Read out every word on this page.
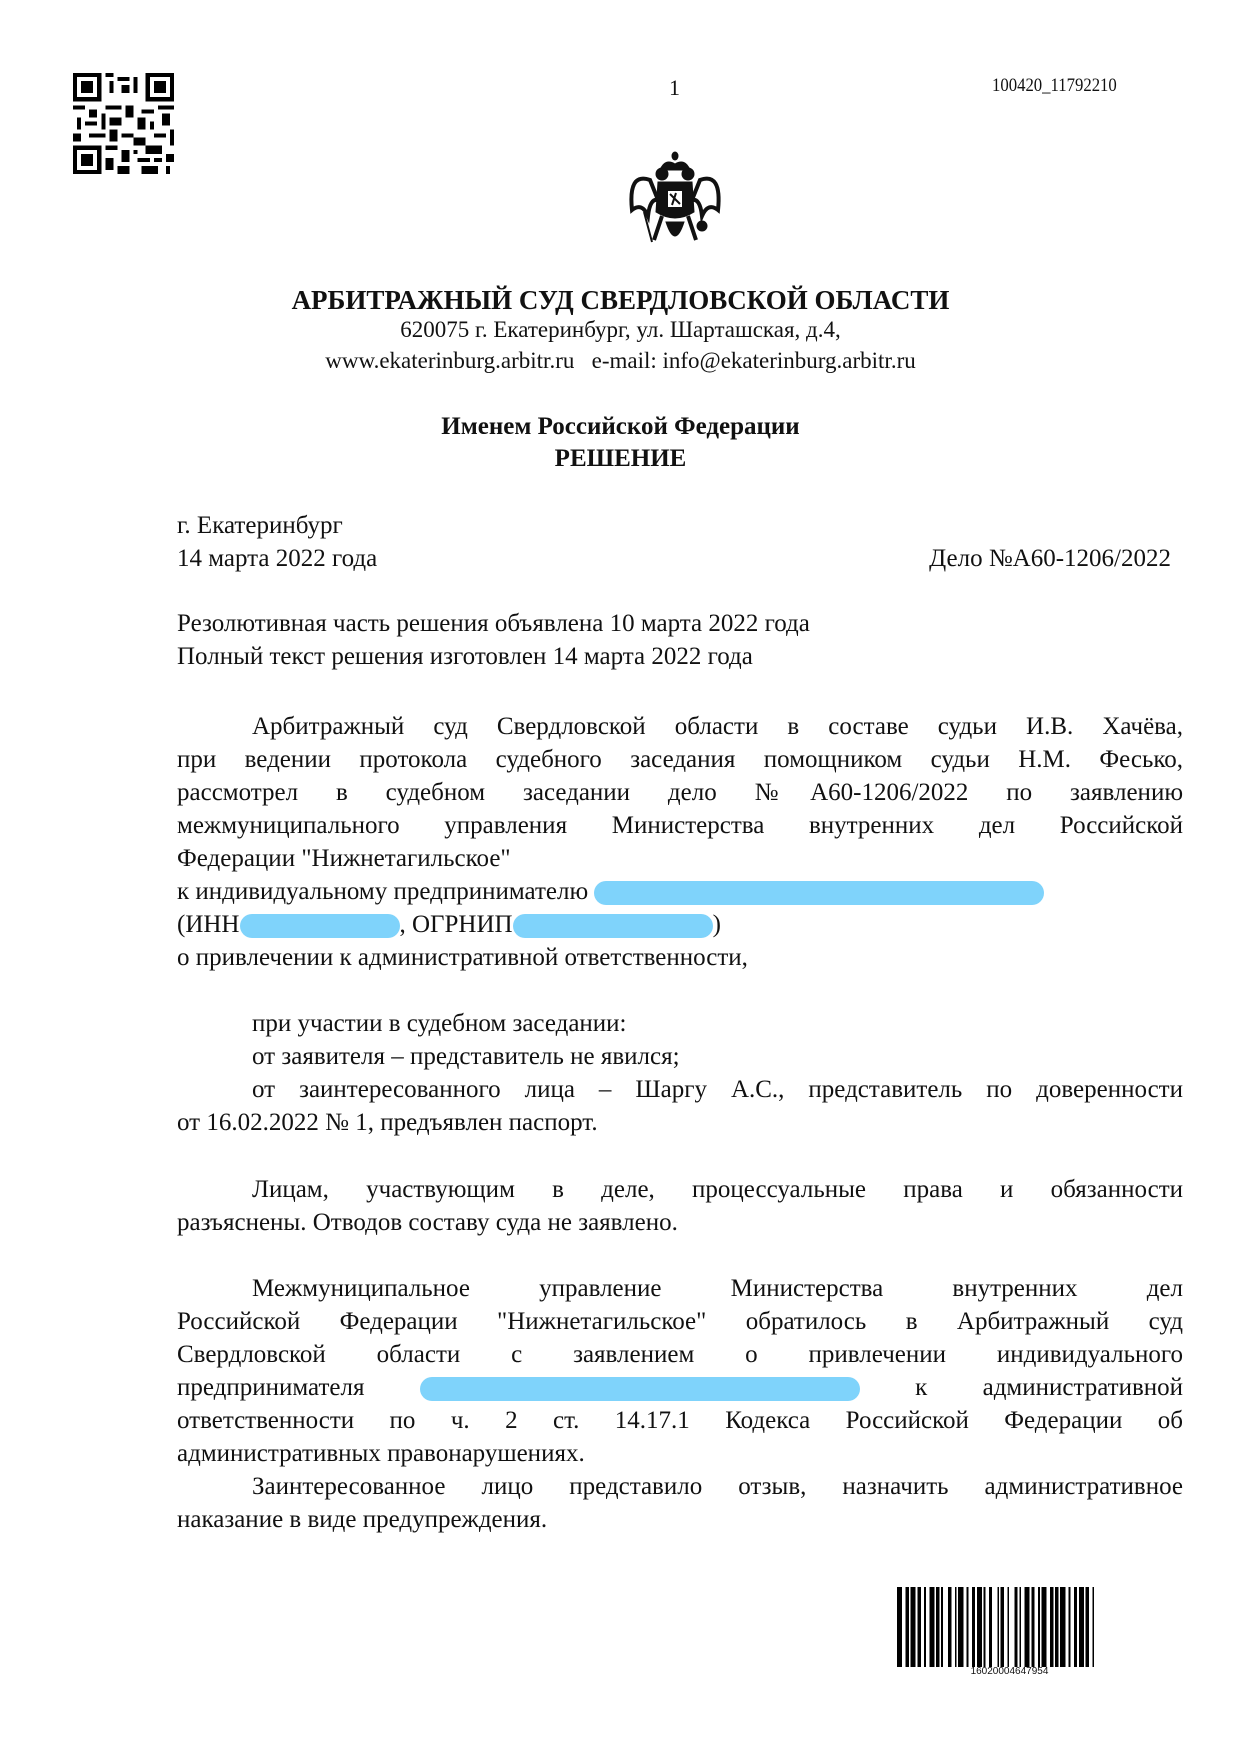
1	100420_11792210
АРБИТРАЖНЫЙ СУД СВЕРДЛОВСКОЙ ОБЛАСТИ
620075 г. Екатеринбург, ул. Шарташская, д.4,
www.ekaterinburg.arbitr.ru e-mail: info@ekaterinburg.arbitr.ru
Именем Российской Федерации
РЕШЕНИЕ
г. Екатеринбург
14 марта 2022 года	Дело №А60-1206/2022
Резолютивная часть решения объявлена 10 марта 2022 года
Полный текст решения изготовлен 14 марта 2022 года
Арбитражный суд Свердловской области в составе судьи И.В. Хачёва,
при ведении протокола судебного заседания помощником судьи Н.М. Фесько,
рассмотрел в судебном заседании дело №А60-1206/2022 по заявлению
межмуниципального управления Министерства внутренних дел Российской
Федерации "Нижнетагильское"
к индивидуальному предпринимателю
(ИНН	, ОГРНИП	)
о привлечении к административной ответственности,
при участии в судебном заседании:
от заявителя – представитель не явился;
от заинтересованного лица – Шаргу А.С., представитель по доверенности
от 16.02.2022 № 1, предъявлен паспорт.
Лицам, участвующим в деле, процессуальные права и обязанности
разъяснены. Отводов составу суда не заявлено.
Межмуниципальное управление Министерства внутренних дел
Российской Федерации "Нижнетагильское" обратилось в Арбитражный суд
Свердловской области с заявлением о привлечении индивидуального
предпринимателя	к административной
ответственности по ч. 2 ст. 14.17.1 Кодекса Российской Федерации об
административных правонарушениях.
Заинтересованное лицо представило отзыв, назначить административное
наказание в виде предупреждения.
16020004647954
